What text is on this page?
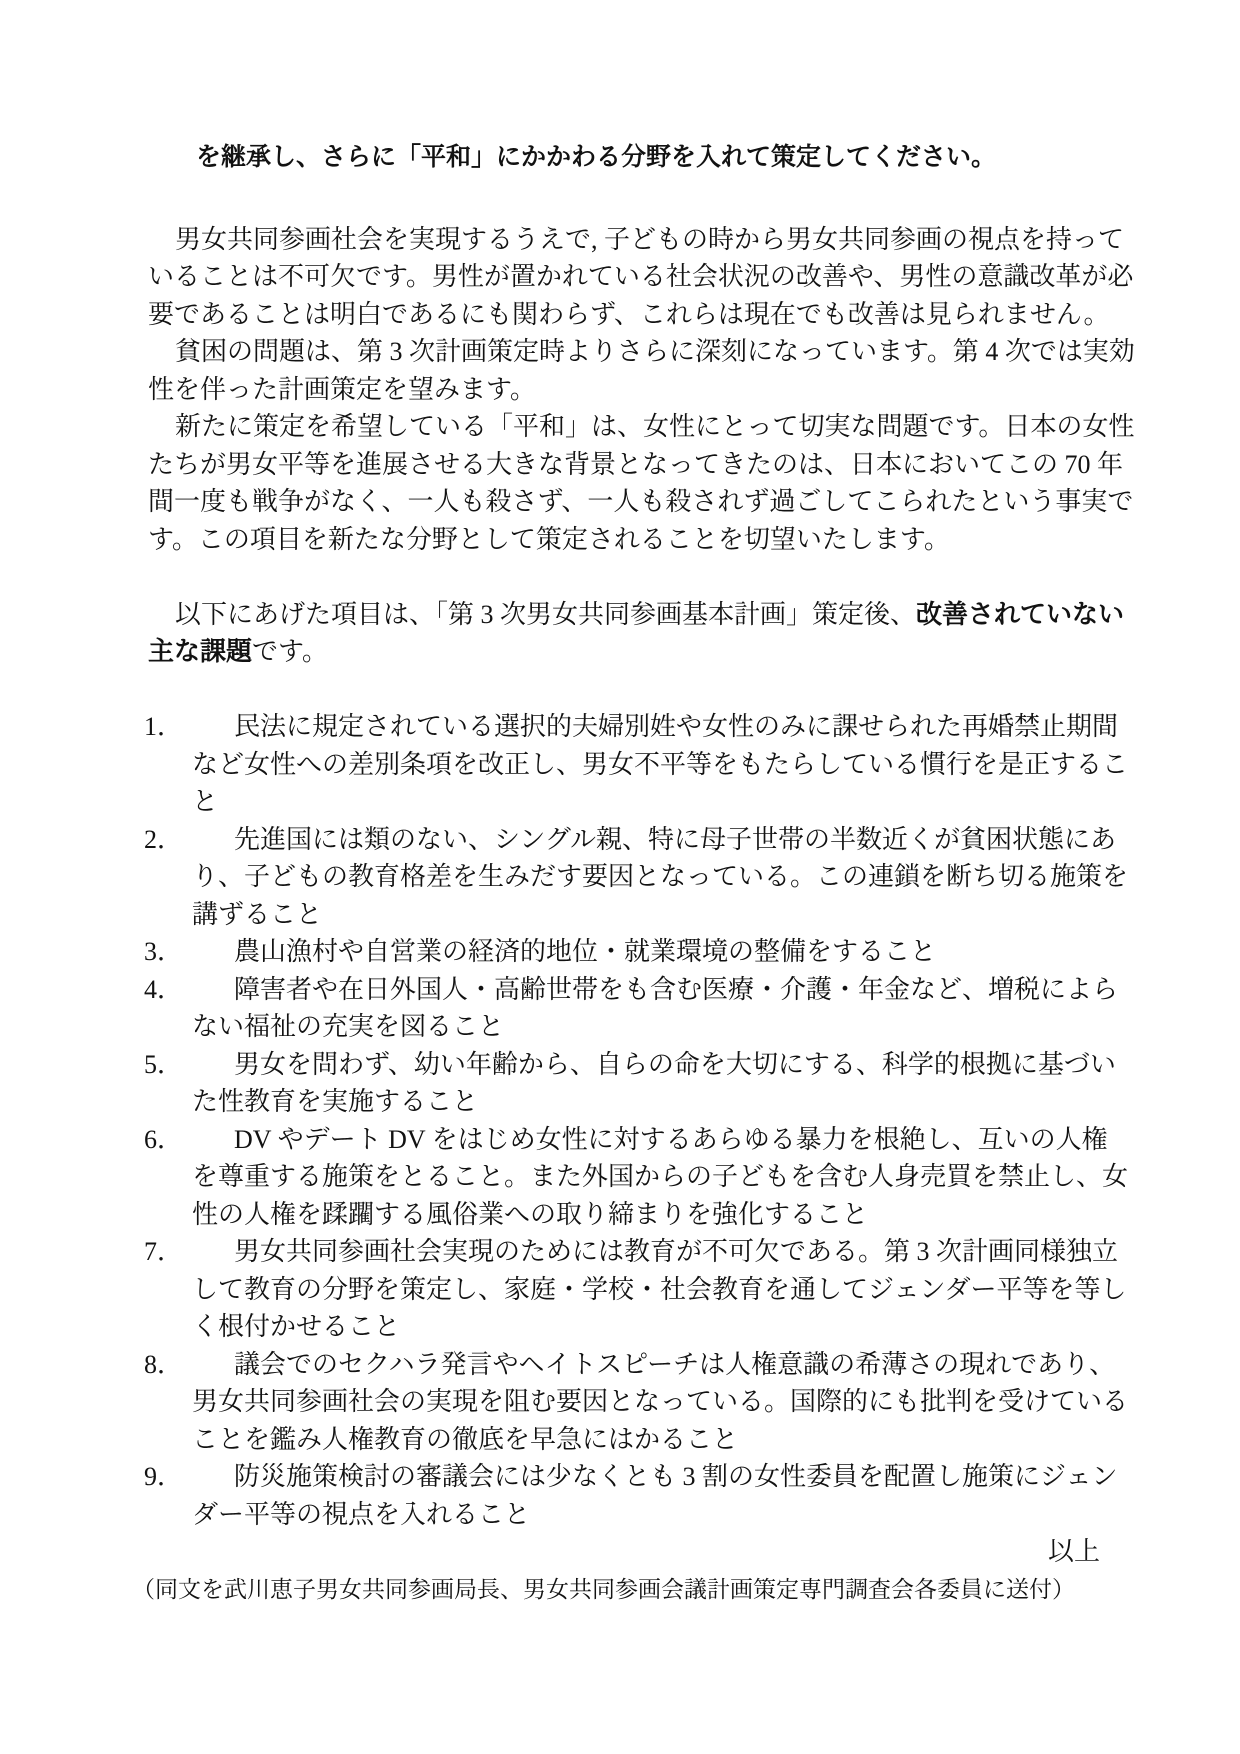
を継承し、さらに「平和」にかかわる分野を入れて策定してください。
男女共同参画社会を実現するうえで, 子どもの時から男女共同参画の視点を持って
いることは不可欠です。男性が置かれている社会状況の改善や、男性の意識改革が必
要であることは明白であるにも関わらず、これらは現在でも改善は見られません。
貧困の問題は、第 3 次計画策定時よりさらに深刻になっています。第 4 次では実効
性を伴った計画策定を望みます。
新たに策定を希望している「平和」は、女性にとって切実な問題です。日本の女性
たちが男女平等を進展させる大きな背景となってきたのは、日本においてこの 70 年
間一度も戦争がなく、一人も殺さず、一人も殺されず過ごしてこられたという事実で
す。この項目を新たな分野として策定されることを切望いたします。
以下にあげた項目は、「第 3 次男女共同参画基本計画」策定後、改善されていない
主な課題です。
1． 民法に規定されている選択的夫婦別姓や女性のみに課せられた再婚禁止期間
など女性への差別条項を改正し、男女不平等をもたらしている慣行を是正するこ
と
2． 先進国には類のない、シングル親、特に母子世帯の半数近くが貧困状態にあ
り、子どもの教育格差を生みだす要因となっている。この連鎖を断ち切る施策を
講ずること
3． 農山漁村や自営業の経済的地位・就業環境の整備をすること
4． 障害者や在日外国人・高齢世帯をも含む医療・介護・年金など、増税によら
ない福祉の充実を図ること
5． 男女を問わず、幼い年齢から、自らの命を大切にする、科学的根拠に基づい
た性教育を実施すること
6． DV やデート DV をはじめ女性に対するあらゆる暴力を根絶し、互いの人権
を尊重する施策をとること。また外国からの子どもを含む人身売買を禁止し、女
性の人権を蹂躙する風俗業への取り締まりを強化すること
7． 男女共同参画社会実現のためには教育が不可欠である。第 3 次計画同様独立
して教育の分野を策定し、家庭・学校・社会教育を通してジェンダー平等を等し
く根付かせること
8． 議会でのセクハラ発言やヘイトスピーチは人権意識の希薄さの現れであり、
男女共同参画社会の実現を阻む要因となっている。国際的にも批判を受けている
ことを鑑み人権教育の徹底を早急にはかること
9． 防災施策検討の審議会には少なくとも 3 割の女性委員を配置し施策にジェン
ダー平等の視点を入れること
以上
（同文を武川恵子男女共同参画局長、男女共同参画会議計画策定専門調査会各委員に送付）
